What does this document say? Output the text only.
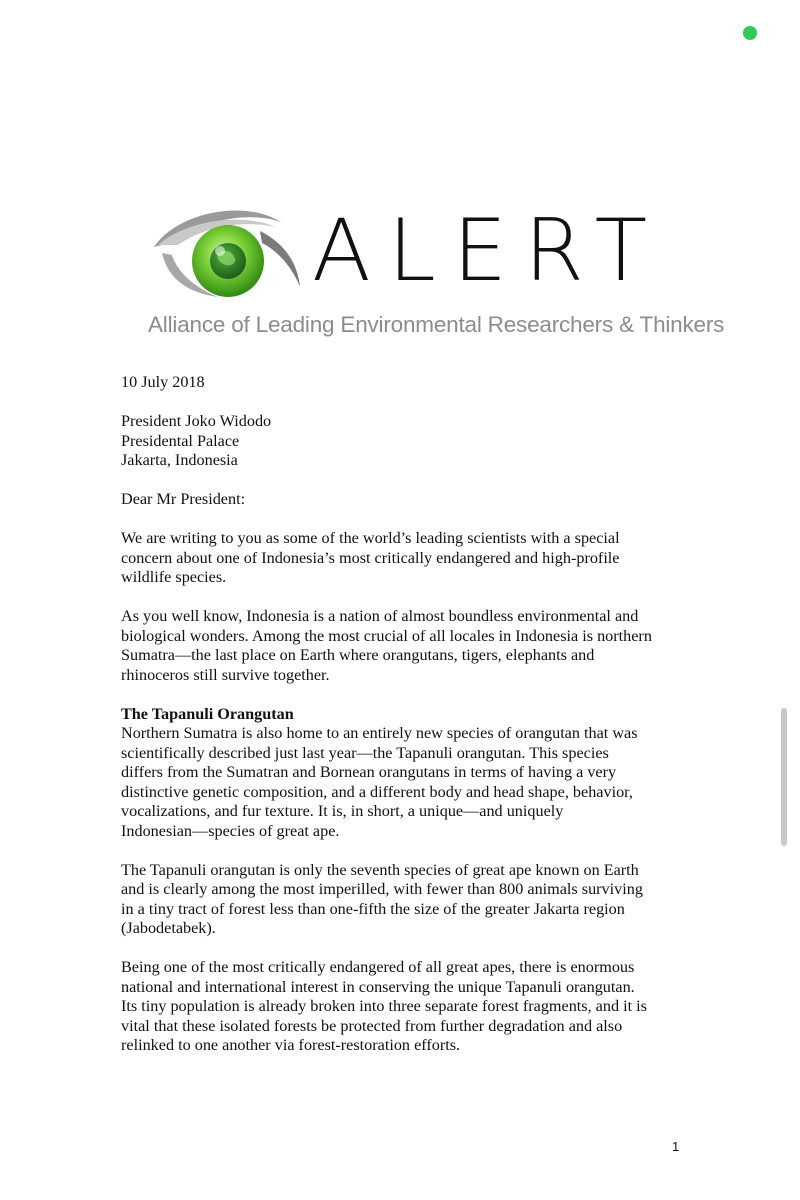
ALERT
Alliance of Leading Environmental Researchers & Thinkers

10 July 2018

President Joko Widodo
Presidental Palace
Jakarta, Indonesia

Dear Mr President:

We are writing to you as some of the world’s leading scientists with a special
concern about one of Indonesia’s most critically endangered and high-profile
wildlife species.

As you well know, Indonesia is a nation of almost boundless environmental and
biological wonders. Among the most crucial of all locales in Indonesia is northern
Sumatra—the last place on Earth where orangutans, tigers, elephants and
rhinoceros still survive together.

The Tapanuli Orangutan
Northern Sumatra is also home to an entirely new species of orangutan that was
scientifically described just last year—the Tapanuli orangutan. This species
differs from the Sumatran and Bornean orangutans in terms of having a very
distinctive genetic composition, and a different body and head shape, behavior,
vocalizations, and fur texture. It is, in short, a unique—and uniquely
Indonesian—species of great ape.

The Tapanuli orangutan is only the seventh species of great ape known on Earth
and is clearly among the most imperilled, with fewer than 800 animals surviving
in a tiny tract of forest less than one-fifth the size of the greater Jakarta region
(Jabodetabek).

Being one of the most critically endangered of all great apes, there is enormous
national and international interest in conserving the unique Tapanuli orangutan.
Its tiny population is already broken into three separate forest fragments, and it is
vital that these isolated forests be protected from further degradation and also
relinked to one another via forest-restoration efforts.

1
